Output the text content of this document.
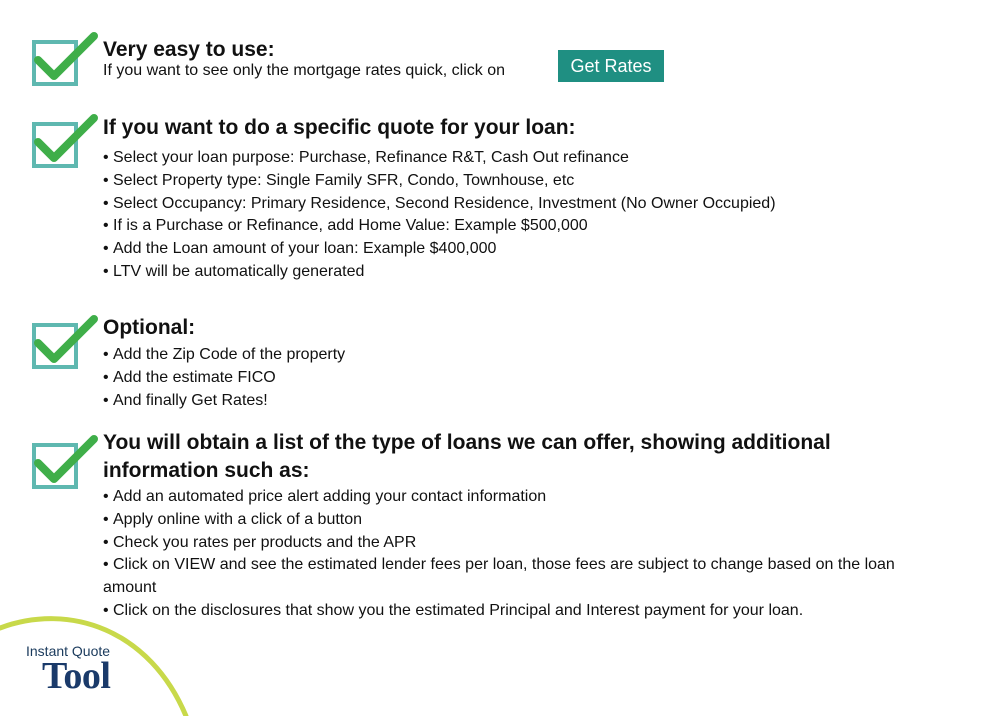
Very easy to use:
If you want to see only the mortgage rates quick, click on	Get Rates
If you want to do a specific quote for your loan:
• Select your loan purpose: Purchase, Refinance R&T, Cash Out refinance
• Select Property type: Single Family SFR, Condo, Townhouse, etc
• Select Occupancy: Primary Residence, Second Residence, Investment (No Owner Occupied)
• If is a Purchase or Refinance, add Home Value: Example $500,000
• Add the Loan amount of your loan: Example $400,000
• LTV will be automatically generated
Optional:
• Add the Zip Code of the property
• Add the estimate FICO
• And finally Get Rates!
You will obtain a list of the type of loans we can offer, showing additional
information such as:
• Add an automated price alert adding your contact information
• Apply online with a click of a button
• Check you rates per products and the APR
• Click on VIEW and see the estimated lender fees per loan, those fees are subject to change based on the loan amount
• Click on the disclosures that show you the estimated Principal and Interest payment for your loan.
Instant Quote
Tool
